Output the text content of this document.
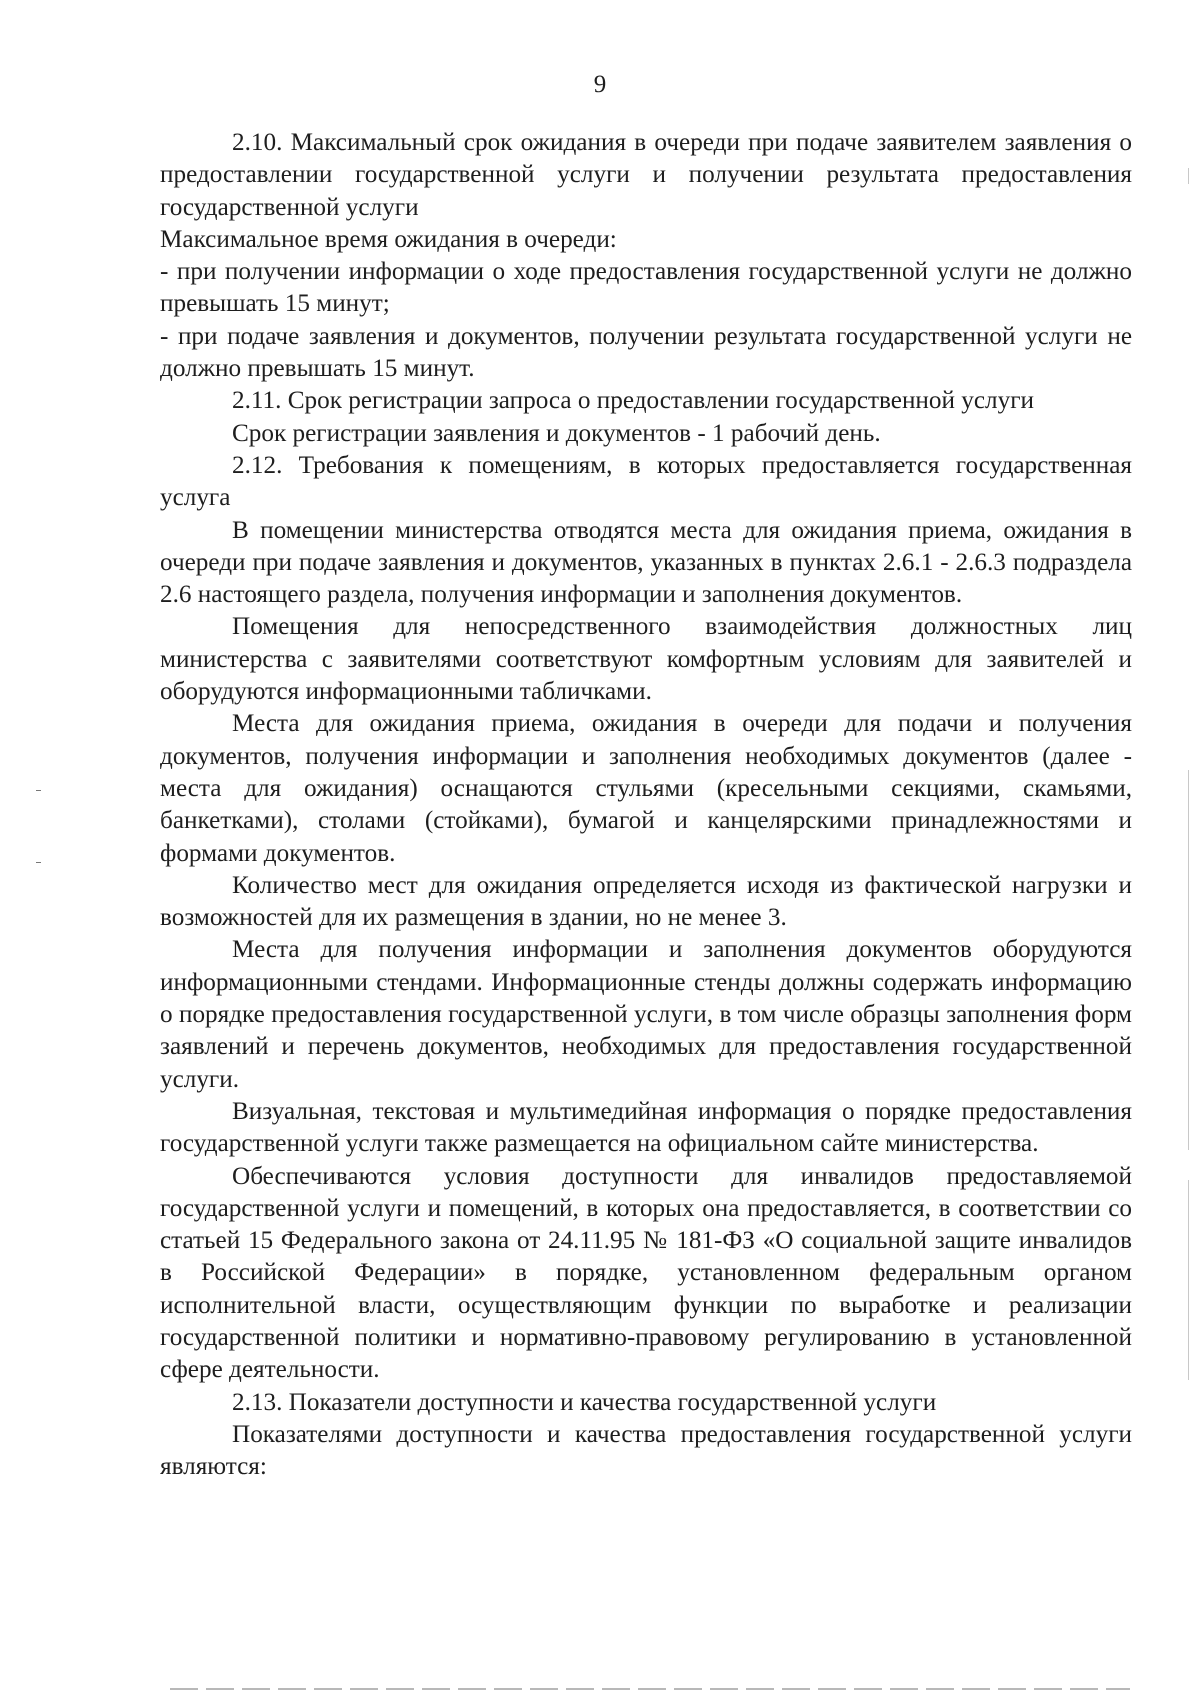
9

2.10. Максимальный срок ожидания в очереди при подаче заявителем заявления о предоставлении государственной услуги и получении результата предоставления государственной услуги

Максимальное время ожидания в очереди:

- при получении информации о ходе предоставления государственной услуги не должно превышать 15 минут;

- при подаче заявления и документов, получении результата государственной услуги не должно превышать 15 минут.

2.11. Срок регистрации запроса о предоставлении государственной услуги

Срок регистрации заявления и документов - 1 рабочий день.

2.12. Требования к помещениям, в которых предоставляется государственная услуга

В помещении министерства отводятся места для ожидания приема, ожидания в очереди при подаче заявления и документов, указанных в пунктах 2.6.1 - 2.6.3 подраздела 2.6 настоящего раздела, получения информации и заполнения документов.

Помещения для непосредственного взаимодействия должностных лиц министерства с заявителями соответствуют комфортным условиям для заявителей и оборудуются информационными табличками.

Места для ожидания приема, ожидания в очереди для подачи и получения документов, получения информации и заполнения необходимых документов (далее - места для ожидания) оснащаются стульями (кресельными секциями, скамьями, банкетками), столами (стойками), бумагой и канцелярскими принадлежностями и формами документов.

Количество мест для ожидания определяется исходя из фактической нагрузки и возможностей для их размещения в здании, но не менее 3.

Места для получения информации и заполнения документов оборудуются информационными стендами. Информационные стенды должны содержать информацию о порядке предоставления государственной услуги, в том числе образцы заполнения форм заявлений и перечень документов, необходимых для предоставления государственной услуги.

Визуальная, текстовая и мультимедийная информация о порядке предоставления государственной услуги также размещается на официальном сайте министерства.

Обеспечиваются условия доступности для инвалидов предоставляемой государственной услуги и помещений, в которых она предоставляется, в соответствии со статьей 15 Федерального закона от 24.11.95 № 181-ФЗ «О социальной защите инвалидов в Российской Федерации» в порядке, установленном федеральным органом исполнительной власти, осуществляющим функции по выработке и реализации государственной политики и нормативно-правовому регулированию в установленной сфере деятельности.

2.13. Показатели доступности и качества государственной услуги

Показателями доступности и качества предоставления государственной услуги являются:
